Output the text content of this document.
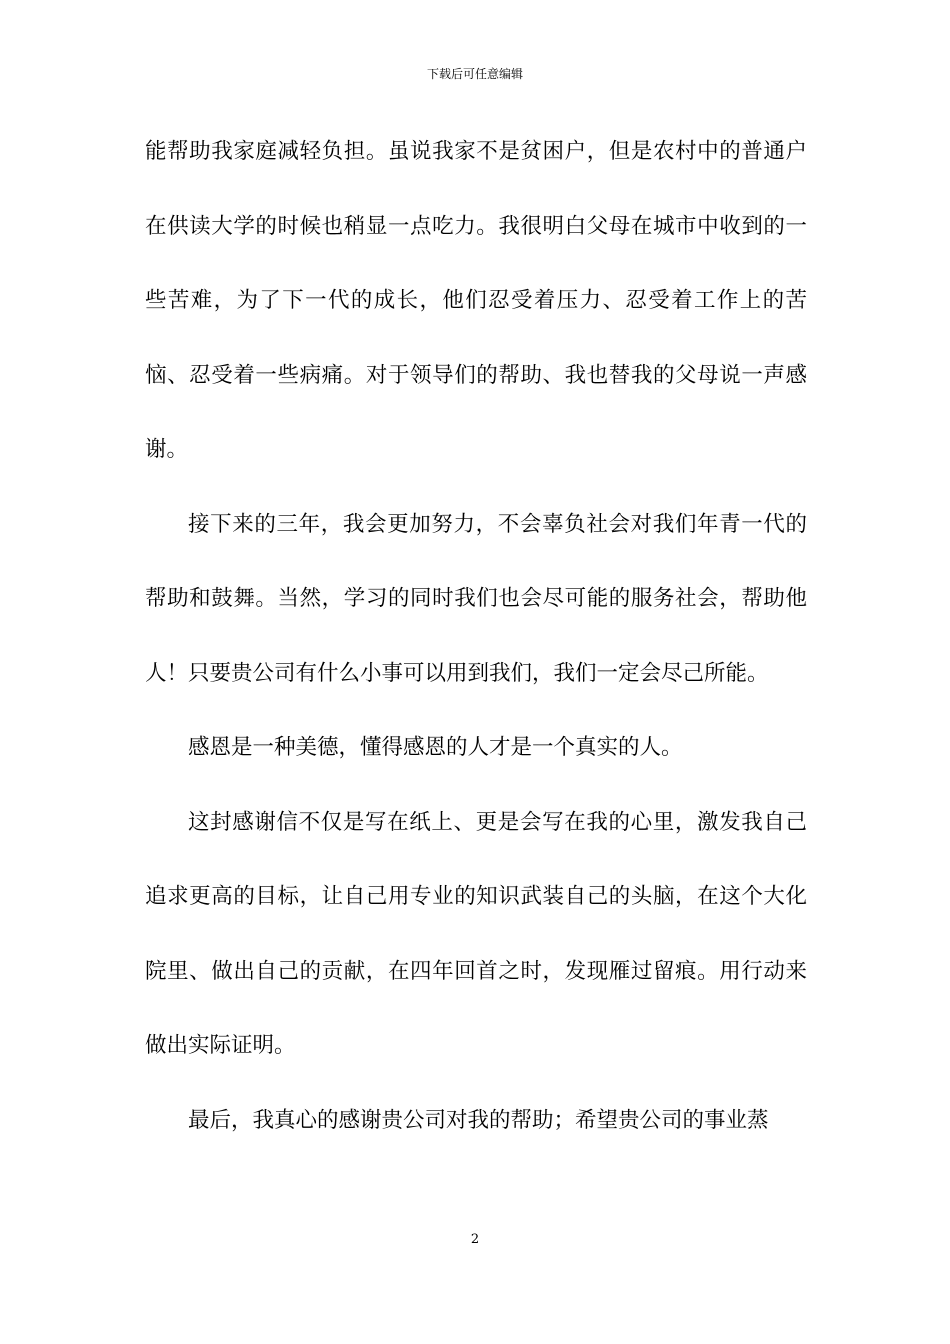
下载后可任意编辑

能帮助我家庭减轻负担。虽说我家不是贫困户，但是农村中的普通户在供读大学的时候也稍显一点吃力。我很明白父母在城市中收到的一些苦难，为了下一代的成长，他们忍受着压力、忍受着工作上的苦恼、忍受着一些病痛。对于领导们的帮助、我也替我的父母说一声感谢。

接下来的三年，我会更加努力，不会辜负社会对我们年青一代的帮助和鼓舞。当然，学习的同时我们也会尽可能的服务社会，帮助他人！只要贵公司有什么小事可以用到我们，我们一定会尽己所能。

感恩是一种美德，懂得感恩的人才是一个真实的人。

这封感谢信不仅是写在纸上、更是会写在我的心里，激发我自己追求更高的目标，让自己用专业的知识武装自己的头脑，在这个大化院里、做出自己的贡献，在四年回首之时，发现雁过留痕。用行动来做出实际证明。

最后，我真心的感谢贵公司对我的帮助；希望贵公司的事业蒸

2
